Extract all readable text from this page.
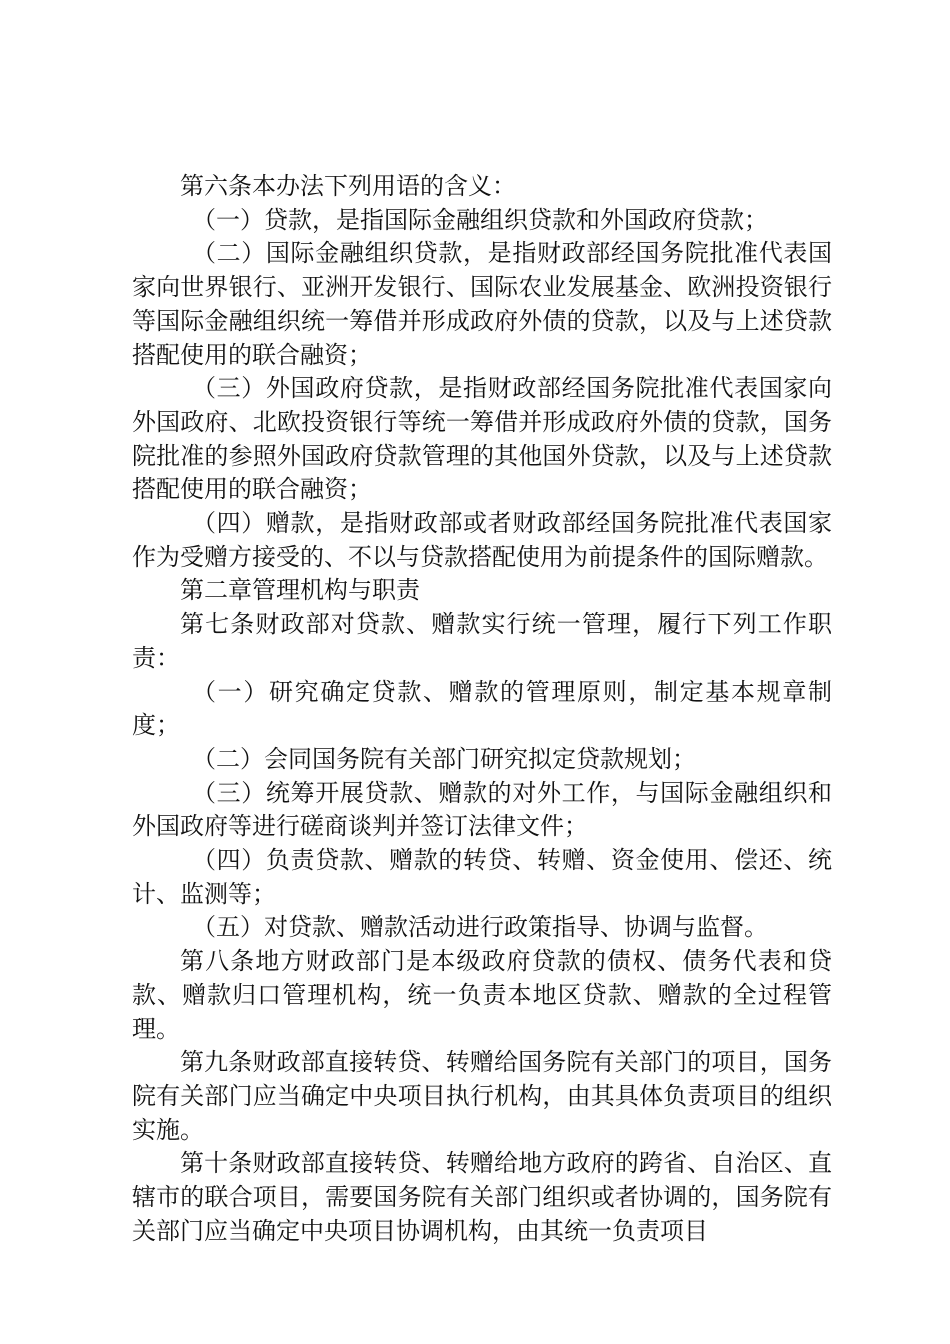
第六条本办法下列用语的含义：

（一）贷款，是指国际金融组织贷款和外国政府贷款；

（二）国际金融组织贷款，是指财政部经国务院批准代表国家向世界银行、亚洲开发银行、国际农业发展基金、欧洲投资银行等国际金融组织统一筹借并形成政府外债的贷款，以及与上述贷款搭配使用的联合融资；

（三）外国政府贷款，是指财政部经国务院批准代表国家向外国政府、北欧投资银行等统一筹借并形成政府外债的贷款，国务院批准的参照外国政府贷款管理的其他国外贷款，以及与上述贷款搭配使用的联合融资；

（四）赠款，是指财政部或者财政部经国务院批准代表国家作为受赠方接受的、不以与贷款搭配使用为前提条件的国际赠款。

第二章管理机构与职责

第七条财政部对贷款、赠款实行统一管理，履行下列工作职责：

（一）研究确定贷款、赠款的管理原则，制定基本规章制度；

（二）会同国务院有关部门研究拟定贷款规划；

（三）统筹开展贷款、赠款的对外工作，与国际金融组织和外国政府等进行磋商谈判并签订法律文件；

（四）负责贷款、赠款的转贷、转赠、资金使用、偿还、统计、监测等；

（五）对贷款、赠款活动进行政策指导、协调与监督。

第八条地方财政部门是本级政府贷款的债权、债务代表和贷款、赠款归口管理机构，统一负责本地区贷款、赠款的全过程管理。

第九条财政部直接转贷、转赠给国务院有关部门的项目，国务院有关部门应当确定中央项目执行机构，由其具体负责项目的组织实施。

第十条财政部直接转贷、转赠给地方政府的跨省、自治区、直辖市的联合项目，需要国务院有关部门组织或者协调的，国务院有关部门应当确定中央项目协调机构，由其统一负责项目
